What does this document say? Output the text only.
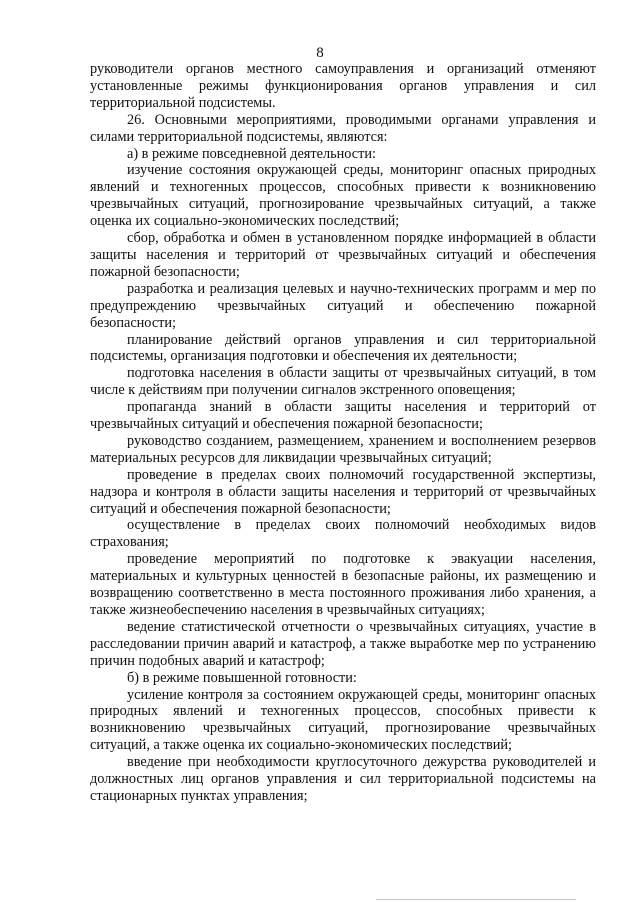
8

руководители органов местного самоуправления и организаций отменяют установленные режимы функционирования органов управления и сил территориальной подсистемы.

26. Основными мероприятиями, проводимыми органами управления и силами территориальной подсистемы, являются:

а) в режиме повседневной деятельности:

изучение состояния окружающей среды, мониторинг опасных природных явлений и техногенных процессов, способных привести к возникновению чрезвычайных ситуаций, прогнозирование чрезвычайных ситуаций, а также оценка их социально-экономических последствий;

сбор, обработка и обмен в установленном порядке информацией в области защиты населения и территорий от чрезвычайных ситуаций и обеспечения пожарной безопасности;

разработка и реализация целевых и научно-технических программ и мер по предупреждению чрезвычайных ситуаций и обеспечению пожарной безопасности;

планирование действий органов управления и сил территориальной подсистемы, организация подготовки и обеспечения их деятельности;

подготовка населения в области защиты от чрезвычайных ситуаций, в том числе к действиям при получении сигналов экстренного оповещения;

пропаганда знаний в области защиты населения и территорий от чрезвычайных ситуаций и обеспечения пожарной безопасности;

руководство созданием, размещением, хранением и восполнением резервов материальных ресурсов для ликвидации чрезвычайных ситуаций;

проведение в пределах своих полномочий государственной экспертизы, надзора и контроля в области защиты населения и территорий от чрезвычайных ситуаций и обеспечения пожарной безопасности;

осуществление в пределах своих полномочий необходимых видов страхования;

проведение мероприятий по подготовке к эвакуации населения, материальных и культурных ценностей в безопасные районы, их размещению и возвращению соответственно в места постоянного проживания либо хранения, а также жизнеобеспечению населения в чрезвычайных ситуациях;

ведение статистической отчетности о чрезвычайных ситуациях, участие в расследовании причин аварий и катастроф, а также выработке мер по устранению причин подобных аварий и катастроф;

б) в режиме повышенной готовности:

усиление контроля за состоянием окружающей среды, мониторинг опасных природных явлений и техногенных процессов, способных привести к возникновению чрезвычайных ситуаций, прогнозирование чрезвычайных ситуаций, а также оценка их социально-экономических последствий;

введение при необходимости круглосуточного дежурства руководителей и должностных лиц органов управления и сил территориальной подсистемы на стационарных пунктах управления;
